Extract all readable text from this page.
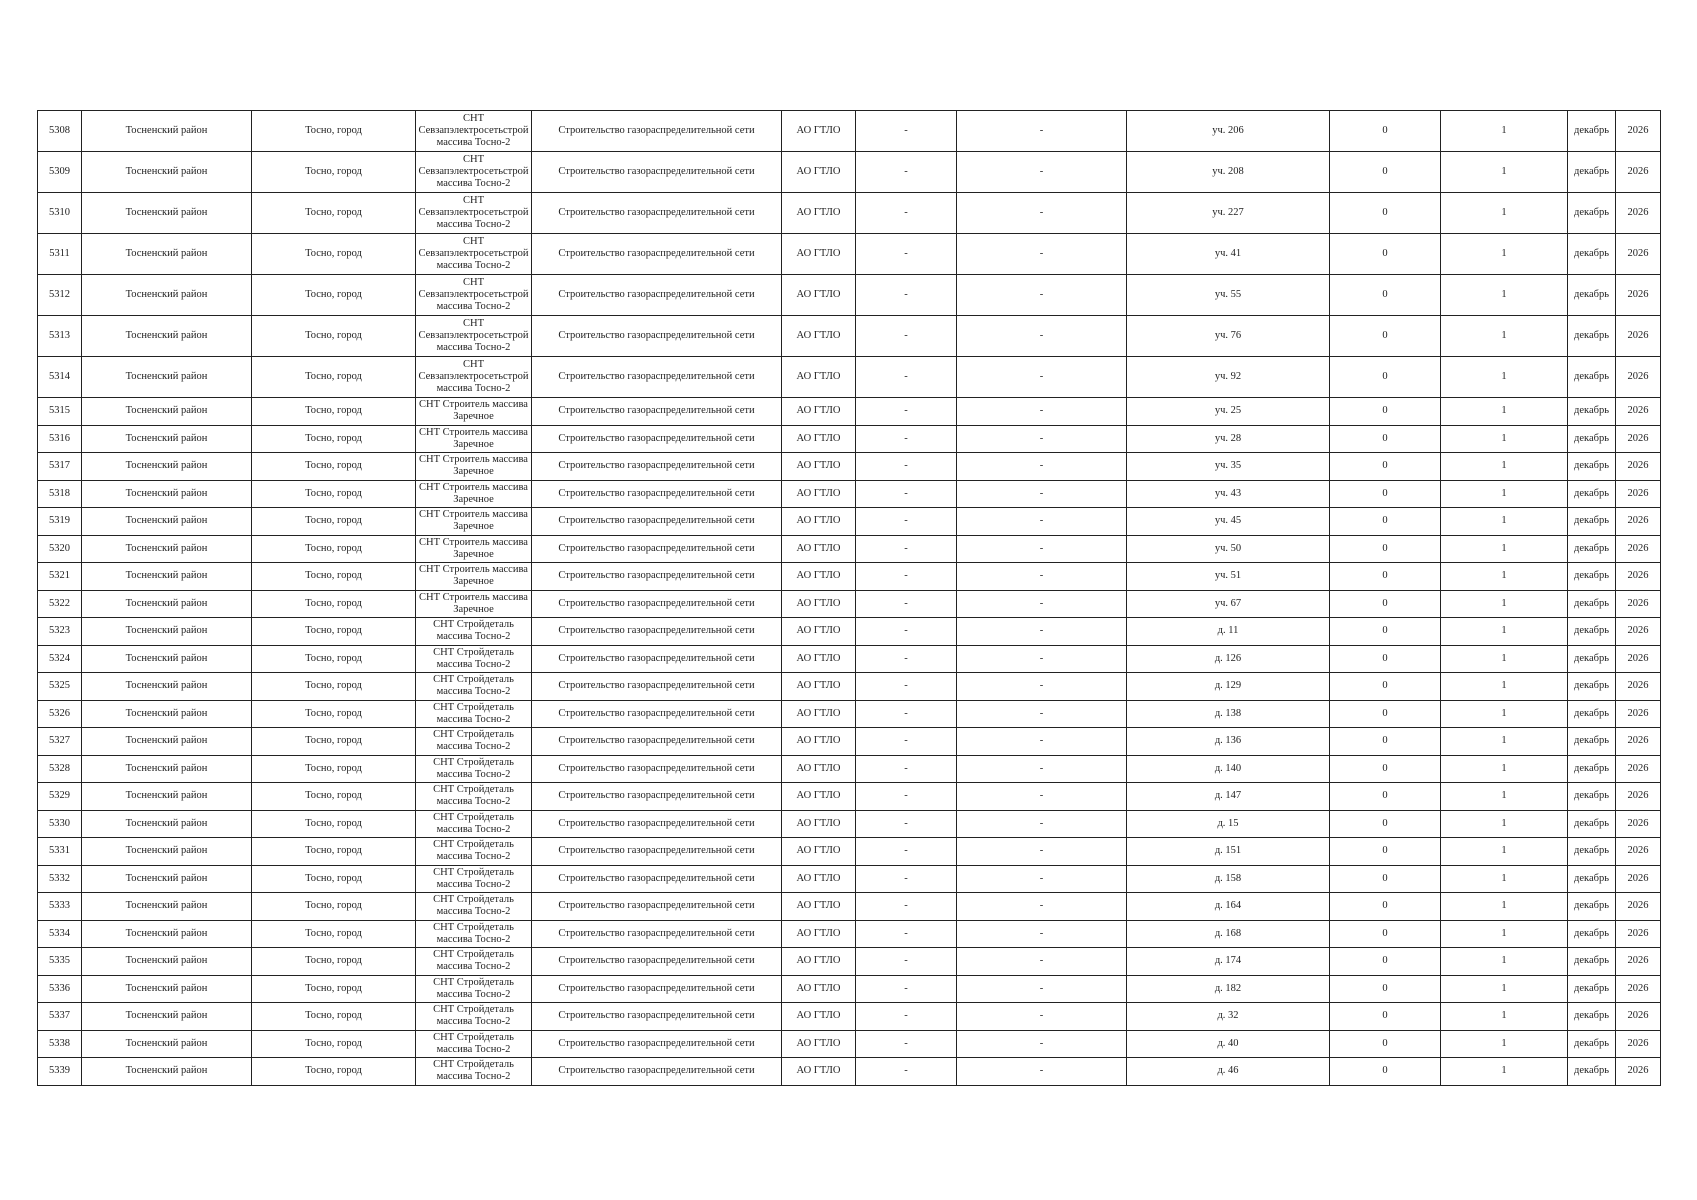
5308	Тосненский район	Тосно, город	СНТ Севзапэлектросетьстрой массива Тосно-2	Строительство газораспределительной сети	АО ГТЛО	-	-	уч. 206	0	1	декабрь	2026
5309	Тосненский район	Тосно, город	СНТ Севзапэлектросетьстрой массива Тосно-2	Строительство газораспределительной сети	АО ГТЛО	-	-	уч. 208	0	1	декабрь	2026
5310	Тосненский район	Тосно, город	СНТ Севзапэлектросетьстрой массива Тосно-2	Строительство газораспределительной сети	АО ГТЛО	-	-	уч. 227	0	1	декабрь	2026
5311	Тосненский район	Тосно, город	СНТ Севзапэлектросетьстрой массива Тосно-2	Строительство газораспределительной сети	АО ГТЛО	-	-	уч. 41	0	1	декабрь	2026
5312	Тосненский район	Тосно, город	СНТ Севзапэлектросетьстрой массива Тосно-2	Строительство газораспределительной сети	АО ГТЛО	-	-	уч. 55	0	1	декабрь	2026
5313	Тосненский район	Тосно, город	СНТ Севзапэлектросетьстрой массива Тосно-2	Строительство газораспределительной сети	АО ГТЛО	-	-	уч. 76	0	1	декабрь	2026
5314	Тосненский район	Тосно, город	СНТ Севзапэлектросетьстрой массива Тосно-2	Строительство газораспределительной сети	АО ГТЛО	-	-	уч. 92	0	1	декабрь	2026
5315	Тосненский район	Тосно, город	СНТ Строитель массива Заречное	Строительство газораспределительной сети	АО ГТЛО	-	-	уч. 25	0	1	декабрь	2026
5316	Тосненский район	Тосно, город	СНТ Строитель массива Заречное	Строительство газораспределительной сети	АО ГТЛО	-	-	уч. 28	0	1	декабрь	2026
5317	Тосненский район	Тосно, город	СНТ Строитель массива Заречное	Строительство газораспределительной сети	АО ГТЛО	-	-	уч. 35	0	1	декабрь	2026
5318	Тосненский район	Тосно, город	СНТ Строитель массива Заречное	Строительство газораспределительной сети	АО ГТЛО	-	-	уч. 43	0	1	декабрь	2026
5319	Тосненский район	Тосно, город	СНТ Строитель массива Заречное	Строительство газораспределительной сети	АО ГТЛО	-	-	уч. 45	0	1	декабрь	2026
5320	Тосненский район	Тосно, город	СНТ Строитель массива Заречное	Строительство газораспределительной сети	АО ГТЛО	-	-	уч. 50	0	1	декабрь	2026
5321	Тосненский район	Тосно, город	СНТ Строитель массива Заречное	Строительство газораспределительной сети	АО ГТЛО	-	-	уч. 51	0	1	декабрь	2026
5322	Тосненский район	Тосно, город	СНТ Строитель массива Заречное	Строительство газораспределительной сети	АО ГТЛО	-	-	уч. 67	0	1	декабрь	2026
5323	Тосненский район	Тосно, город	СНТ Стройдеталь массива Тосно-2	Строительство газораспределительной сети	АО ГТЛО	-	-	д. 11	0	1	декабрь	2026
5324	Тосненский район	Тосно, город	СНТ Стройдеталь массива Тосно-2	Строительство газораспределительной сети	АО ГТЛО	-	-	д. 126	0	1	декабрь	2026
5325	Тосненский район	Тосно, город	СНТ Стройдеталь массива Тосно-2	Строительство газораспределительной сети	АО ГТЛО	-	-	д. 129	0	1	декабрь	2026
5326	Тосненский район	Тосно, город	СНТ Стройдеталь массива Тосно-2	Строительство газораспределительной сети	АО ГТЛО	-	-	д. 138	0	1	декабрь	2026
5327	Тосненский район	Тосно, город	СНТ Стройдеталь массива Тосно-2	Строительство газораспределительной сети	АО ГТЛО	-	-	д. 136	0	1	декабрь	2026
5328	Тосненский район	Тосно, город	СНТ Стройдеталь массива Тосно-2	Строительство газораспределительной сети	АО ГТЛО	-	-	д. 140	0	1	декабрь	2026
5329	Тосненский район	Тосно, город	СНТ Стройдеталь массива Тосно-2	Строительство газораспределительной сети	АО ГТЛО	-	-	д. 147	0	1	декабрь	2026
5330	Тосненский район	Тосно, город	СНТ Стройдеталь массива Тосно-2	Строительство газораспределительной сети	АО ГТЛО	-	-	д. 15	0	1	декабрь	2026
5331	Тосненский район	Тосно, город	СНТ Стройдеталь массива Тосно-2	Строительство газораспределительной сети	АО ГТЛО	-	-	д. 151	0	1	декабрь	2026
5332	Тосненский район	Тосно, город	СНТ Стройдеталь массива Тосно-2	Строительство газораспределительной сети	АО ГТЛО	-	-	д. 158	0	1	декабрь	2026
5333	Тосненский район	Тосно, город	СНТ Стройдеталь массива Тосно-2	Строительство газораспределительной сети	АО ГТЛО	-	-	д. 164	0	1	декабрь	2026
5334	Тосненский район	Тосно, город	СНТ Стройдеталь массива Тосно-2	Строительство газораспределительной сети	АО ГТЛО	-	-	д. 168	0	1	декабрь	2026
5335	Тосненский район	Тосно, город	СНТ Стройдеталь массива Тосно-2	Строительство газораспределительной сети	АО ГТЛО	-	-	д. 174	0	1	декабрь	2026
5336	Тосненский район	Тосно, город	СНТ Стройдеталь массива Тосно-2	Строительство газораспределительной сети	АО ГТЛО	-	-	д. 182	0	1	декабрь	2026
5337	Тосненский район	Тосно, город	СНТ Стройдеталь массива Тосно-2	Строительство газораспределительной сети	АО ГТЛО	-	-	д. 32	0	1	декабрь	2026
5338	Тосненский район	Тосно, город	СНТ Стройдеталь массива Тосно-2	Строительство газораспределительной сети	АО ГТЛО	-	-	д. 40	0	1	декабрь	2026
5339	Тосненский район	Тосно, город	СНТ Стройдеталь массива Тосно-2	Строительство газораспределительной сети	АО ГТЛО	-	-	д. 46	0	1	декабрь	2026
